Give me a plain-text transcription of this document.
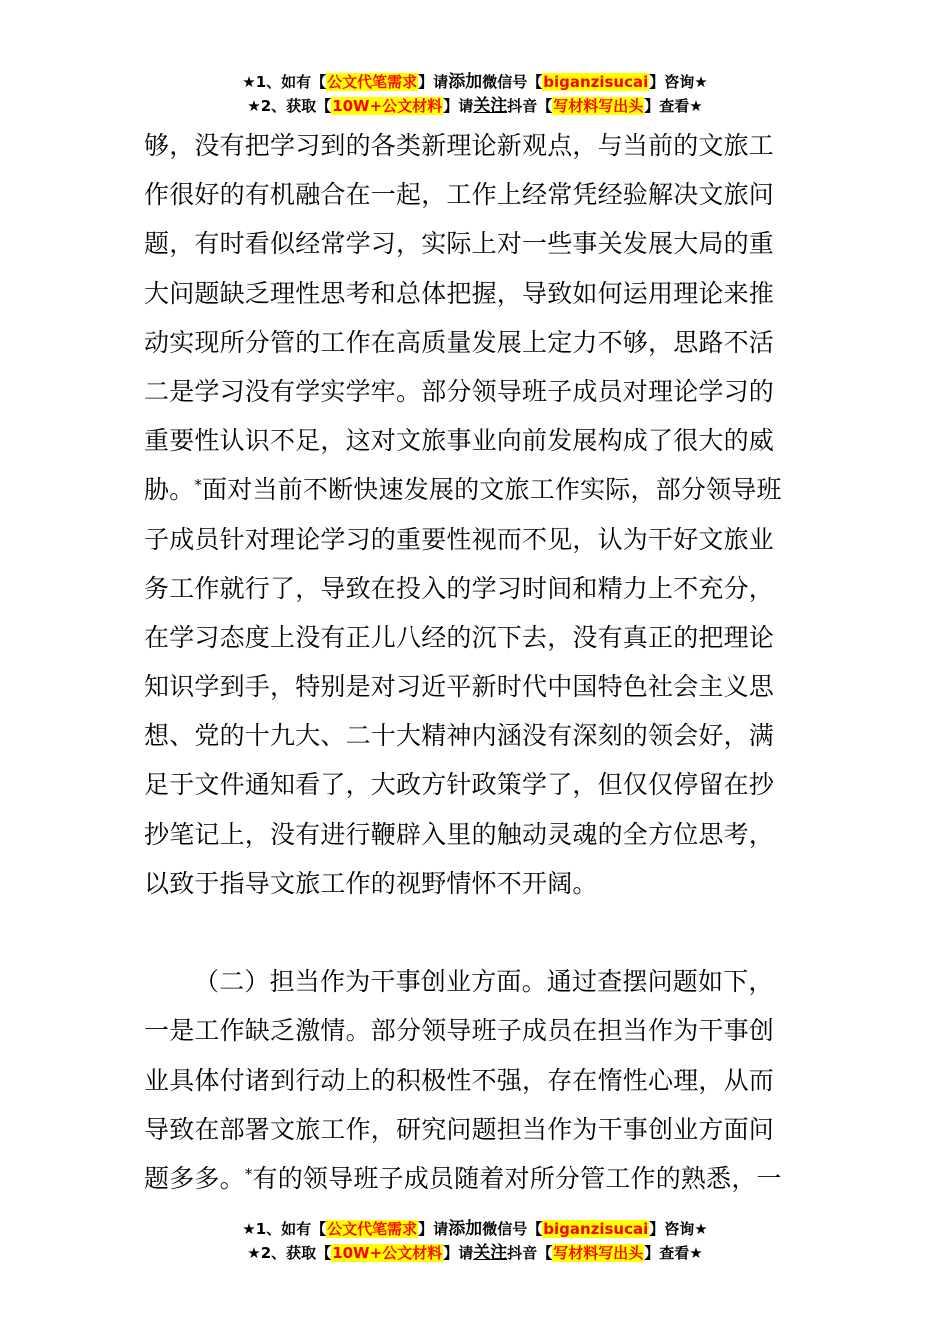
★1、如有【公文代笔需求】请添加微信号【biganzisucai】咨询★
★2、获取【10W+公文材料】请关注抖音【写材料写出头】查看★
够，没有把学习到的各类新理论新观点，与当前的文旅工
作很好的有机融合在一起，工作上经常凭经验解决文旅问
题，有时看似经常学习，实际上对一些事关发展大局的重
大问题缺乏理性思考和总体把握，导致如何运用理论来推
动实现所分管的工作在高质量发展上定力不够，思路不活
二是学习没有学实学牢。部分领导班子成员对理论学习的
重要性认识不足，这对文旅事业向前发展构成了很大的威
胁。*面对当前不断快速发展的文旅工作实际，部分领导班
子成员针对理论学习的重要性视而不见，认为干好文旅业
务工作就行了，导致在投入的学习时间和精力上不充分，
在学习态度上没有正儿八经的沉下去，没有真正的把理论
知识学到手，特别是对习近平新时代中国特色社会主义思
想、党的十九大、二十大精神内涵没有深刻的领会好，满
足于文件通知看了，大政方针政策学了，但仅仅停留在抄
抄笔记上，没有进行鞭辟入里的触动灵魂的全方位思考，
以致于指导文旅工作的视野情怀不开阔。
（二）担当作为干事创业方面。通过查摆问题如下，
一是工作缺乏激情。部分领导班子成员在担当作为干事创
业具体付诸到行动上的积极性不强，存在惰性心理，从而
导致在部署文旅工作，研究问题担当作为干事创业方面问
题多多。*有的领导班子成员随着对所分管工作的熟悉，一
★1、如有【公文代笔需求】请添加微信号【biganzisucai】咨询★
★2、获取【10W+公文材料】请关注抖音【写材料写出头】查看★
